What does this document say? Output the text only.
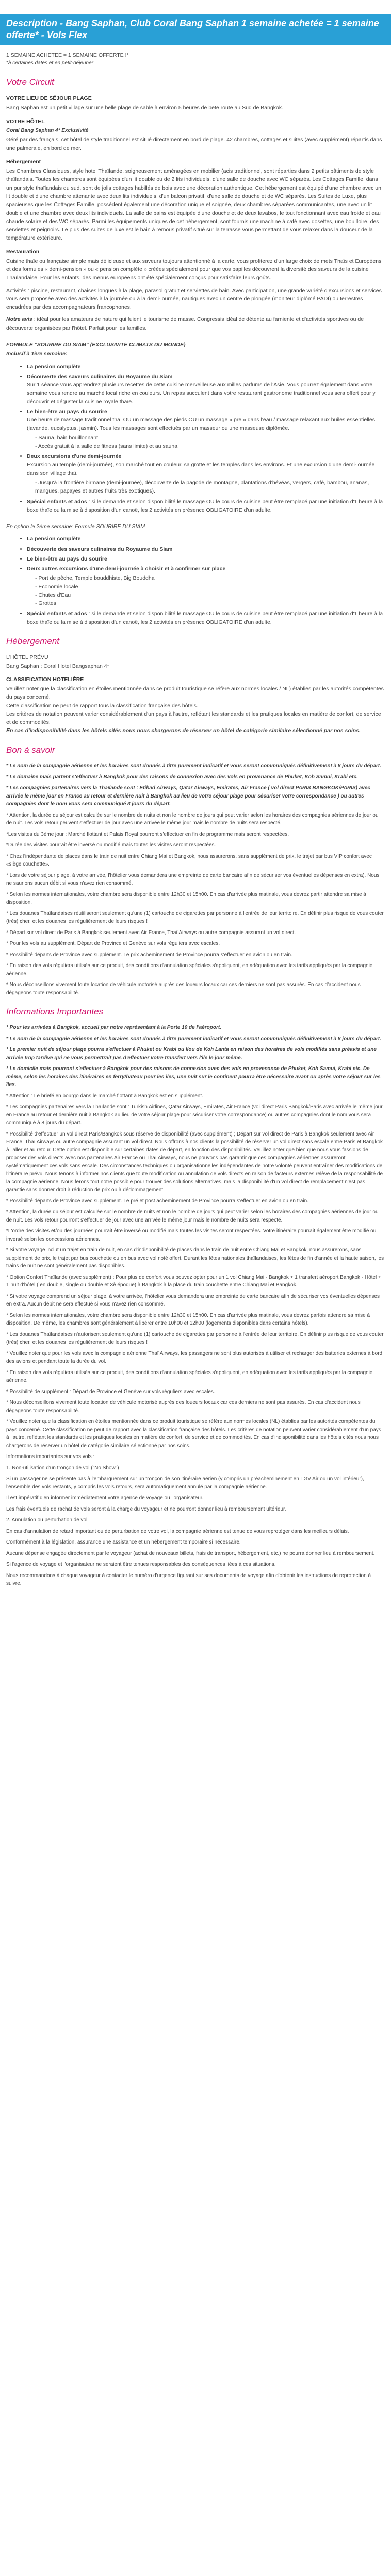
Description - Bang Saphan, Club Coral Bang Saphan 1 semaine achetée = 1 semaine offerte* - Vols Flex

1 SEMAINE ACHETEE = 1 SEMAINE OFFERTE !*

*à certaines dates et en petit-déjeuner

Votre Circuit
VOTRE LIEU DE SÉJOUR PLAGE

Bang Saphan est un petit village sur une belle plage de sable à environ 5 heures de bete route au Sud de Bangkok.

VOTRE HÔTEL

Coral Bang Saphan 4* Exclusivité

Géré par des français, cet hôtel de style traditionnel est situé directement en bord de plage. 42 chambres, cottages et suites (avec supplément) répartis dans une palmeraie, en bord de mer.

Hébergement

Les Chambres Classiques, style hotel Thaïlande, soigneusement aménagées en mobilier (acis traditionnel, sont réparties dans 2 petits bâtiments de style thaïlandais. Toutes les chambres sont équipées d'un lit double ou de 2 lits individuels, d'une salle de douche avec WC séparés. Les Cottages Famille, dans un pur style thaïlandais du sud, sont de jolis cottages habillés de bois avec une décoration authentique. Cet hébergement est équipé d'une chambre avec un lit double et d'une chambre attenante avec deux lits individuels, d'un balcon privatif, d'une salle de douche et de WC séparés. Les Suites de Luxe, plus spacieuses que les Cottages Famille, possèdent également une décoration unique et soignée, deux chambres séparées communicantes, une avec un lit double et une chambre avec deux lits individuels. La salle de bains est équipée d'une douche et de deux lavabos, le tout fonctionnant avec eau froide et eau chaude solaire et des WC séparés. Parmi les équipements uniques de cet hébergement, sont fournis une machine à café avec dosettes, une bouilloire, des serviettes et peignoirs. Le plus des suites de luxe est le bain à remous privatif situé sur la terrasse vous permettant de vous relaxer dans la douceur de la température extérieure.

Restauration

Cuisine thaïe ou française simple mais délicieuse et aux saveurs toujours attentionné à la carte, vous profiterez d'un large choix de mets Thaïs et Européens et des formules « demi-pension » ou « pension complète » créées spécialement pour que vos papilles découvrent la diversité des saveurs de la cuisine Thaïlandaise. Pour les enfants, des menus européens ont été spécialement conçus pour satisfaire leurs goûts.

Activités : piscine, restaurant, chaises longues à la plage, parasol gratuit et serviettes de bain. Avec participation, une grande variété d'excursions et services vous sera proposée avec des activités à la journée ou à la demi-journée, nautiques avec un centre de plongée (moniteur diplômé PADI) ou terrestres encadrées par des accompagnateurs francophones.

Notre avis : idéal pour les amateurs de nature qui fuient le tourisme de masse. Congressis idéal de détente au farniente et d'activités sportives ou de découverte organisées par l'hôtel. Parfait pour les familles.

FORMULE "SOURIRE DU SIAM" (EXCLUSIVITÉ CLIMATS DU MONDE)

Inclusif à 1ère semaine:

• La pension complète
• Découverte des saveurs culinaires du Royaume du Siam
Sur 1 séance vous apprendrez plusieurs recettes de cette cuisine merveilleuse aux milles parfums de l'Asie. Vous pourrez également dans votre semaine vous rendre au marché local riche en couleurs. Un repas succulent dans votre restaurant gastronome traditionnel vous sera offert pour y découvrir et déguster la cuisine royale thaïe.
• Le bien-être au pays du sourire
Une heure de massage traditionnel thaï OU un massage des pieds OU un massage « pre » dans l'eau / massage relaxant aux huiles essentielles (lavande, eucalyptus, jasmin). Tous les massages sont effectués par un masseur ou une masseuse diplômée.
- Sauna, bain bouillonnant.
- Accès gratuit à la salle de fitness (sans limite) et au sauna.
• Deux excursions d'une demi-journée
Excursion au temple (demi-journée), son marché tout en couleur, sa grotte et les temples dans les environs. Et une excursion d'une demi-journée dans son village thaï.
- Jusqu'à la frontière birmane (demi-journée), découverte de la pagode de montagne, plantations d'hévéas, vergers, café, bambou, ananas, mangues, papayes et autres fruits très exotiques).
• Spécial enfants et ados : si le demande et selon disponibilité le massage OU le cours de cuisine peut être remplacé par une initiation d'1 heure à la boxe thaïe ou la mise à disposition d'un canoë, les 2 activités en présence OBLIGATOIRE d'un adulte.

En option la 2ème semaine: Formule SOURIRE DU SIAM

• La pension complète
• Découverte des saveurs culinaires du Royaume du Siam
• Le bien-être au pays du sourire
• Deux autres excursions d'une demi-journée à choisir et à confirmer sur place
- Port de pêche, Temple bouddhiste, Big Bouddha
- Economie locale
- Chutes d'Eau
- Grottes
• Spécial enfants et ados : si le demande et selon disponibilité le massage OU le cours de cuisine peut être remplacé par une initiation d'1 heure à la boxe thaïe ou la mise à disposition d'un canoë, les 2 activités en présence OBLIGATOIRE d'un adulte.
Hébergement

L'HÔTEL PRÉVU

Bang Saphan : Coral Hotel Bangsaphan 4*

CLASSIFICATION HOTELIÈRE

Veuillez noter que la classification en étoiles mentionnée dans ce produit touristique se réfère aux normes locales / NL) établies par les autorités compétentes du pays concerné.

Cette classification ne peut de rapport tous la classification française des hôtels.

Les critères de notation peuvent varier considérablement d'un pays à l'autre, reflétant les standards et les pratiques locales en matière de confort, de service et de commodités.

En cas d'indisponibilité dans les hôtels cités nous nous chargerons de réserver un hôtel de catégorie similaire sélectionné par nos soins.

Bon à savoir

* Le nom de la compagnie aérienne et les horaires sont donnés à titre purement indicatif et vous seront communiqués définitivement à 8 jours du départ.

* Le domaine mais partent s'effectuer à Bangkok pour des raisons de connexion avec des vols en provenance de Phuket, Koh Samui, Krabi etc.

* Les compagnies partenaires vers la Thaïlande sont : Etihad Airways, Qatar Airways, Emirates, Air France ( vol direct PARIS BANGKOK/PARIS) avec arrivée le même jour en France au retour et dernière nuit à Bangkok au lieu de votre séjour plage pour sécuriser votre correspondance ) ou autres compagnies dont le nom vous sera communiqué 8 jours du départ.

* Attention, la durée du séjour est calculée sur le nombre de nuits et non le nombre de jours qui peut varier selon les horaires des compagnies aériennes de jour ou de nuit. Les vols retour peuvent s'effectuer de jour avec une arrivée le même jour mais le nombre de nuits sera respecté.

*Les visites du 3ème jour : Marché flottant et Palais Royal pourront s'effectuer en fin de programme mais seront respectées.

*Durée des visites pourrait être inversé ou modifié mais toutes les visites seront respectées.

* Chez l'indépendante de places dans le train de nuit entre Chiang Mai et Bangkok, nous assurerons, sans supplément de prix, le trajet par bus VIP confort avec «siège couchette».

* Lors de votre séjour plage, à votre arrivée, l'hôtelier vous demandera une empreinte de carte bancaire afin de sécuriser vos éventuelles dépenses en extra). Nous ne saurions aucun débit si vous n'avez rien consommé.

* Selon les normes internationales, votre chambre sera disponible entre 12h30 et 15h00. En cas d'arrivée plus matinale, vous devrez partir attendre sa mise à disposition.

* Les douanes Thaïlandaises réutiliseront seulement qu'une (1) cartouche de cigarettes par personne à l'entrée de leur territoire. En définir plus risque de vous couter (très) cher, et les douanes les régulièrement de leurs risques !

* Départ sur vol direct de Paris à Bangkok seulement avec Air France, Thaï Airways ou autre compagnie assurant un vol direct.

* Pour les vols au supplément, Départ de Province et Genève sur vols réguliers avec escales.

* Possibilité départs de Province avec supplément. Le prix acheminement de Province pourra s'effectuer en avion ou en train.

* En raison des vols réguliers utilisés sur ce produit, des conditions d'annulation spéciales s'appliquent, en adéquation avec les tarifs appliqués par la compagnie aérienne.

* Nous déconseillons vivement toute location de véhicule motorisé auprès des loueurs locaux car ces derniers ne sont pas assurés. En cas d'accident nous dégageons toute responsabilité.

Informations Importantes

* Pour les arrivées à Bangkok, accueil par notre représentant à la Porte 10 de l'aéroport.

* Le nom de la compagnie aérienne et les horaires sont donnés à titre purement indicatif et vous seront communiqués définitivement à 8 jours du départ.

* Le premier nuit de séjour plage pourra s'effectuer à Phuket ou Krabi ou Ilou de Koh Lanta en raison des horaires de vols modifiés sans préavis et une arrivée trop tardive qui ne vous permettrait pas d'effectuer votre transfert vers l'île le jour même.

* Le domicile mais pourront s'effectuer à Bangkok pour des raisons de connexion avec des vols en provenance de Phuket, Koh Samui, Krabi etc. De même, selon les horaires des itinéraires en ferry/bateau pour les îles, une nuit sur le continent pourra être nécessaire avant ou après votre séjour sur les îles.

* Attention : Le briefé en bourgo dans le marché flottant à Bangkok est en supplément.

* Les compagnies partenaires vers la Thaïlande sont : Turkish Airlines, Qatar Airways, Emirates, Air France (vol direct Paris Bangkok/Paris avec arrivée le même jour en France au retour et dernière nuit à Bangkok au lieu de votre séjour plage pour sécuriser votre correspondance) ou autres compagnies dont le nom vous sera communiqué à 8 jours du départ.

* Possibilité d'effectuer un vol direct Paris/Bangkok sous réserve de disponibilité (avec supplément) ; Départ sur vol direct de Paris à Bangkok seulement avec Air France, Thaï Airways ou autre compagnie assurant un vol direct. Nous offrons à nos clients la possibilité de réserver un vol direct sans escale entre Paris et Bangkok à l'aller et au retour. Cette option est disponible sur certaines dates de départ, en fonction des disponibilités. Veuillez noter que bien que nous vous fassions de proposer des vols directs avec nos partenaires Air France ou Thaï Airways, nous ne pouvons pas garantir que ces compagnies aériennes assureront systématiquement ces vols sans escale. Des circonstances techniques ou organisationnelles indépendantes de notre volonté peuvent entraîner des modifications de l'itinéraire prévu. Nous tenons à informer nos clients que toute modification ou annulation de vols directs en raison de facteurs externes relève de la responsabilité de la compagnie aérienne. Nous ferons tout notre possible pour trouver des solutions alternatives, mais la disponibilité d'un vol direct de remplacement n'est pas garantie sans donner droit à réduction de prix ou à dédommagement.

* Possibilité départs de Province avec supplément. Le pré et post acheminement de Province pourra s'effectuer en avion ou en train.

* Attention, la durée du séjour est calculée sur le nombre de nuits et non le nombre de jours qui peut varier selon les horaires des compagnies aériennes de jour ou de nuit. Les vols retour pourront s'effectuer de jour avec une arrivée le même jour mais le nombre de nuits sera respecté.

*L'ordre des visites et/ou des journées pourrait être inversé ou modifié mais toutes les visites seront respectées. Votre itinéraire pourrait également être modifié ou inversé selon les concessions aériennes.

* Si votre voyage inclut un trajet en train de nuit, en cas d'indisponibilité de places dans le train de nuit entre Chiang Mai et Bangkok, nous assurerons, sans supplément de prix, le trajet par bus couchette ou en bus avec vol noté offert. Durant les fêtes nationales thaïlandaises, les fêtes de fin d'année et la haute saison, les trains de nuit ne sont généralement pas disponibles.

* Option Confort Thaïlande (avec supplément) : Pour plus de confort vous pouvez opter pour un 1 vol Chiang Mai - Bangkok + 1 transfert aéroport Bangkok - Hôtel + 1 nuit d'hôtel ( en double, single ou double et 3è époque) à Bangkok à la place du train couchette entre Chiang Mai et Bangkok.

* Si votre voyage comprend un séjour plage, à votre arrivée, l'hôtelier vous demandera une empreinte de carte bancaire afin de sécuriser vos éventuelles dépenses en extra. Aucun débit ne sera effectué si vous n'avez rien consommé.

* Selon les normes internationales, votre chambre sera disponible entre 12h30 et 15h00. En cas d'arrivée plus matinale, vous devrez parfois attendre sa mise à disposition. De même, les chambres sont généralement à libérer entre 10h00 et 12h00 (logements disponibles dans certains hôtels).

* Les douanes Thaïlandaises n'autorisent seulement qu'une (1) cartouche de cigarettes par personne à l'entrée de leur territoire. En définir plus risque de vous couter (très) cher, et les douanes les régulièrement de leurs risques !

* Veuillez noter que pour les vols avec la compagnie aérienne Thaï Airways, les passagers ne sont plus autorisés à utiliser et recharger des batteries externes à bord des avions et pendant toute la durée du vol.

* En raison des vols réguliers utilisés sur ce produit, des conditions d'annulation spéciales s'appliquent, en adéquation avec les tarifs appliqués par la compagnie aérienne.

* Possibilité de supplément : Départ de Province et Genève sur vols réguliers avec escales.

* Nous déconseillons vivement toute location de véhicule motorisé auprès des loueurs locaux car ces derniers ne sont pas assurés. En cas d'accident nous dégageons toute responsabilité.

* Veuillez noter que la classification en étoiles mentionnée dans ce produit touristique se réfère aux normes locales (NL) établies par les autorités compétentes du pays concerné. Cette classification ne peut de rapport avec la classification française des hôtels. Les critères de notation peuvent varier considérablement d'un pays à l'autre, reflétant les standards et les pratiques locales en matière de confort, de service et de commodités. En cas d'indisponibilité dans les hôtels cités nous nous chargerons de réserver un hôtel de catégorie similaire sélectionné par nos soins.

Informations importantes sur vos vols :

1. Non-utilisation d'un tronçon de vol ("No Show")

Si un passager ne se présente pas à l'embarquement sur un tronçon de son itinéraire aérien (y compris un préacheminement en TGV Air ou un vol intérieur), l'ensemble des vols restants, y compris les vols retours, sera automatiquement annulé par la compagnie aérienne.

Il est impératif d'en informer immédiatement votre agence de voyage ou l'organisateur.

Les frais éventuels de rachat de vols seront à la charge du voyageur et ne pourront donner lieu à remboursement ultérieur.

2. Annulation ou perturbation de vol

En cas d'annulation de retard important ou de perturbation de votre vol, la compagnie aérienne est tenue de vous reprotéger dans les meilleurs délais.

Conformément à la législation, assurance une assistance et un hébergement temporaire si nécessaire.

Aucune dépense engagée directement par le voyageur (achat de nouveaux billets, frais de transport, hébergement, etc.) ne pourra donner lieu à remboursement.

Si l'agence de voyage et l'organisateur ne seraient être tenues responsables des conséquences liées à ces situations.

Nous recommandons à chaque voyageur à contacter le numéro d'urgence figurant sur ses documents de voyage afin d'obtenir les instructions de reprotection à suivre.
